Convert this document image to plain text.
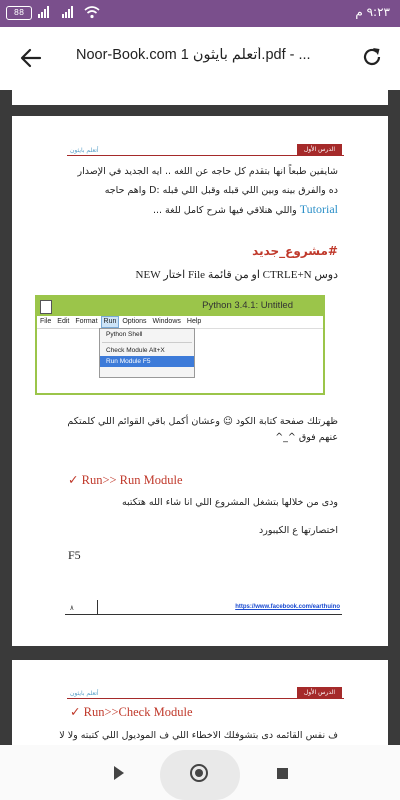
88	٩:٢٣ م
Noor-Book.com أتعلم بايثون 1.pdf - ...
أتعلم بايثون	الدرس الأول
شايفين طبعاً انها بتقدم كل حاجه عن اللغه .. ايه الجديد في الإصدار
ده والفرق بينه وبين اللي قبله وقبل اللي قبله :D واهم حاجه
Tutorial واللي هنلاقي فيها شرح كامل للغة ...
#مشروع_جديد
دوس CTRLE+N او من قائمة File اختار NEW
Python 3.4.1: Untitled
File Edit Format Run Options Windows Help
Python Shell
Check Module Alt+X
Run Module F5
ظهرتلك صفحة كتابة الكود ☺ وعشان أكمل باقي القوائم اللي كلمتكم
عنهم فوق ^_^
✓ Run>> Run Module
ودى من خلالها بتشغل المشروع اللي انا شاء الله هتكتبه
اختصارتها ع الكيبورد
F5
٨	https://www.facebook.com/earthuino
أتعلم بايثون	الدرس الأول
✓ Run>>Check Module
ف نفس القائمه دى بتشوفلك الاخطاء اللي ف الموديول اللي كتبته ولا لا
